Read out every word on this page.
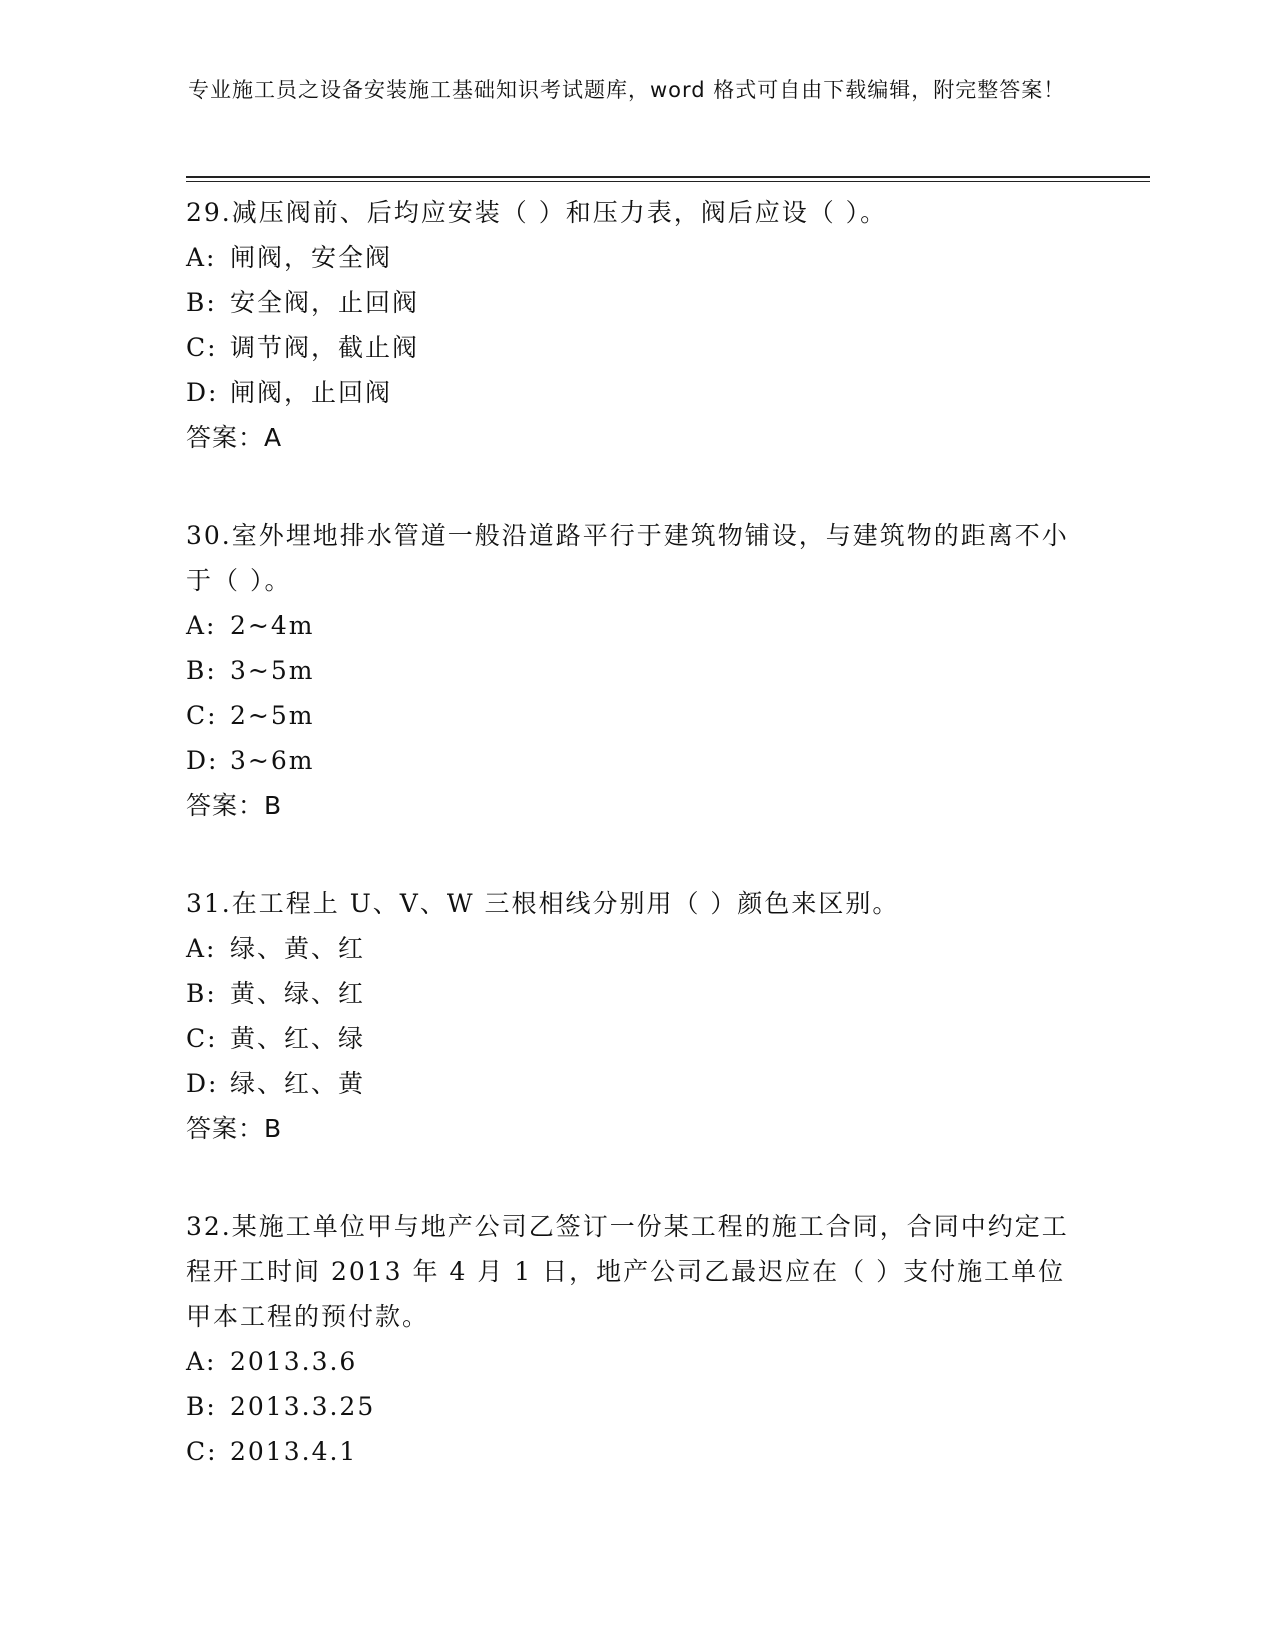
专业施工员之设备安装施工基础知识考试题库，word 格式可自由下载编辑，附完整答案！

29.减压阀前、后均应安装（ ）和压力表，阀后应设（ ）。

A: 闸阀，安全阀

B: 安全阀，止回阀

C: 调节阀，截止阀

D: 闸阀，止回阀

答案：A

30.室外埋地排水管道一般沿道路平行于建筑物铺设，与建筑物的距离不小于（ ）。

A: 2~4m

B: 3~5m

C: 2~5m

D: 3~6m

答案：B

31.在工程上 U、V、W 三根相线分别用（ ）颜色来区别。

A: 绿、黄、红

B: 黄、绿、红

C: 黄、红、绿

D: 绿、红、黄

答案：B

32.某施工单位甲与地产公司乙签订一份某工程的施工合同，合同中约定工程开工时间 2013 年 4 月 1 日，地产公司乙最迟应在（ ）支付施工单位甲本工程的预付款。

A: 2013.3.6

B: 2013.3.25

C: 2013.4.1
